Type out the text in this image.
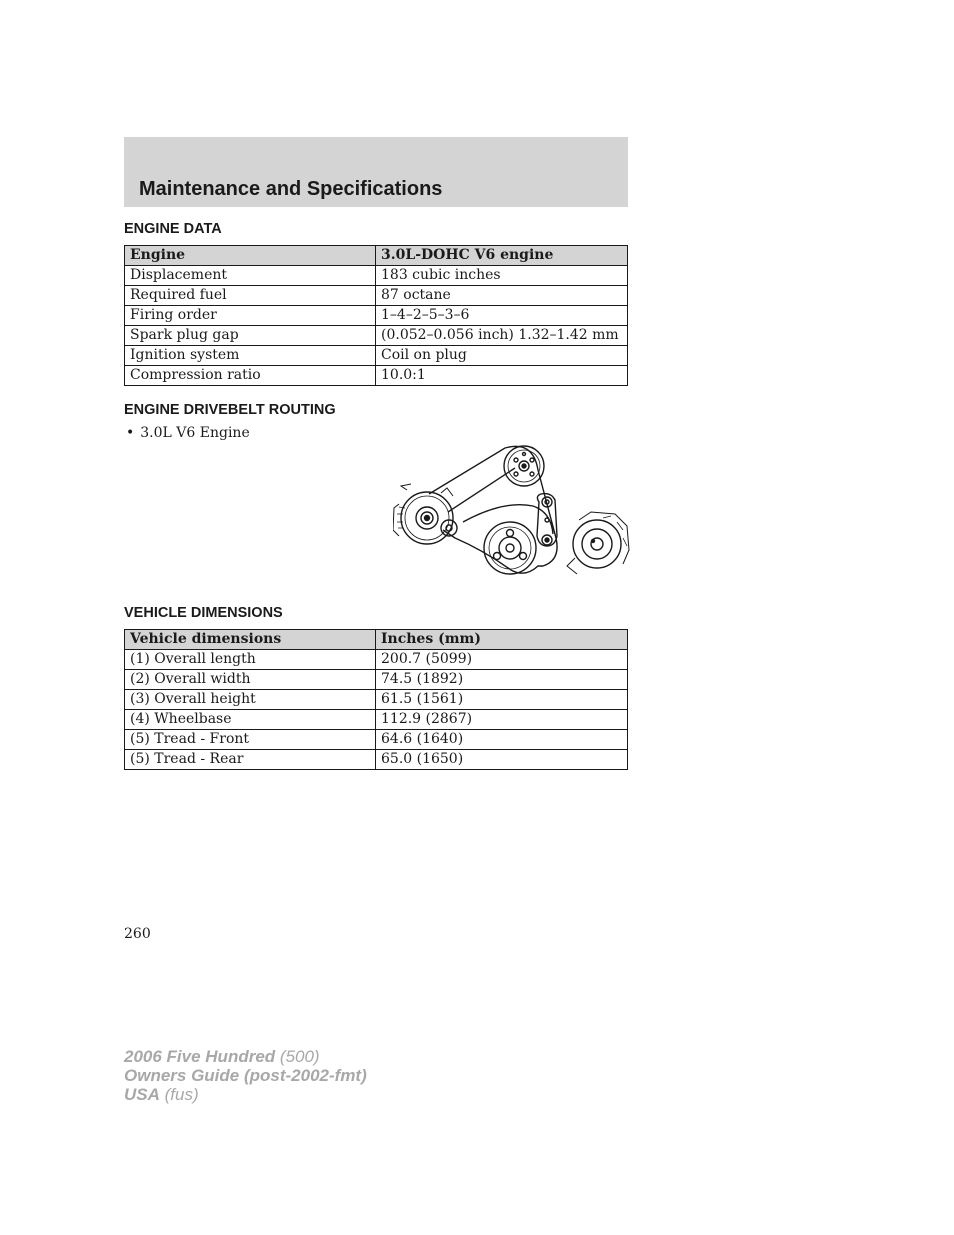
Maintenance and Specifications
ENGINE DATA
Engine	3.0L-DOHC V6 engine
Displacement	183 cubic inches
Required fuel	87 octane
Firing order	1–4–2–5–3–6
Spark plug gap	(0.052–0.056 inch) 1.32–1.42 mm
Ignition system	Coil on plug
Compression ratio	10.0:1
ENGINE DRIVEBELT ROUTING
• 3.0L V6 Engine
VEHICLE DIMENSIONS
Vehicle dimensions	Inches (mm)
(1) Overall length	200.7 (5099)
(2) Overall width	74.5 (1892)
(3) Overall height	61.5 (1561)
(4) Wheelbase	112.9 (2867)
(5) Tread - Front	64.6 (1640)
(5) Tread - Rear	65.0 (1650)
260
2006 Five Hundred (500)
Owners Guide (post-2002-fmt)
USA (fus)
